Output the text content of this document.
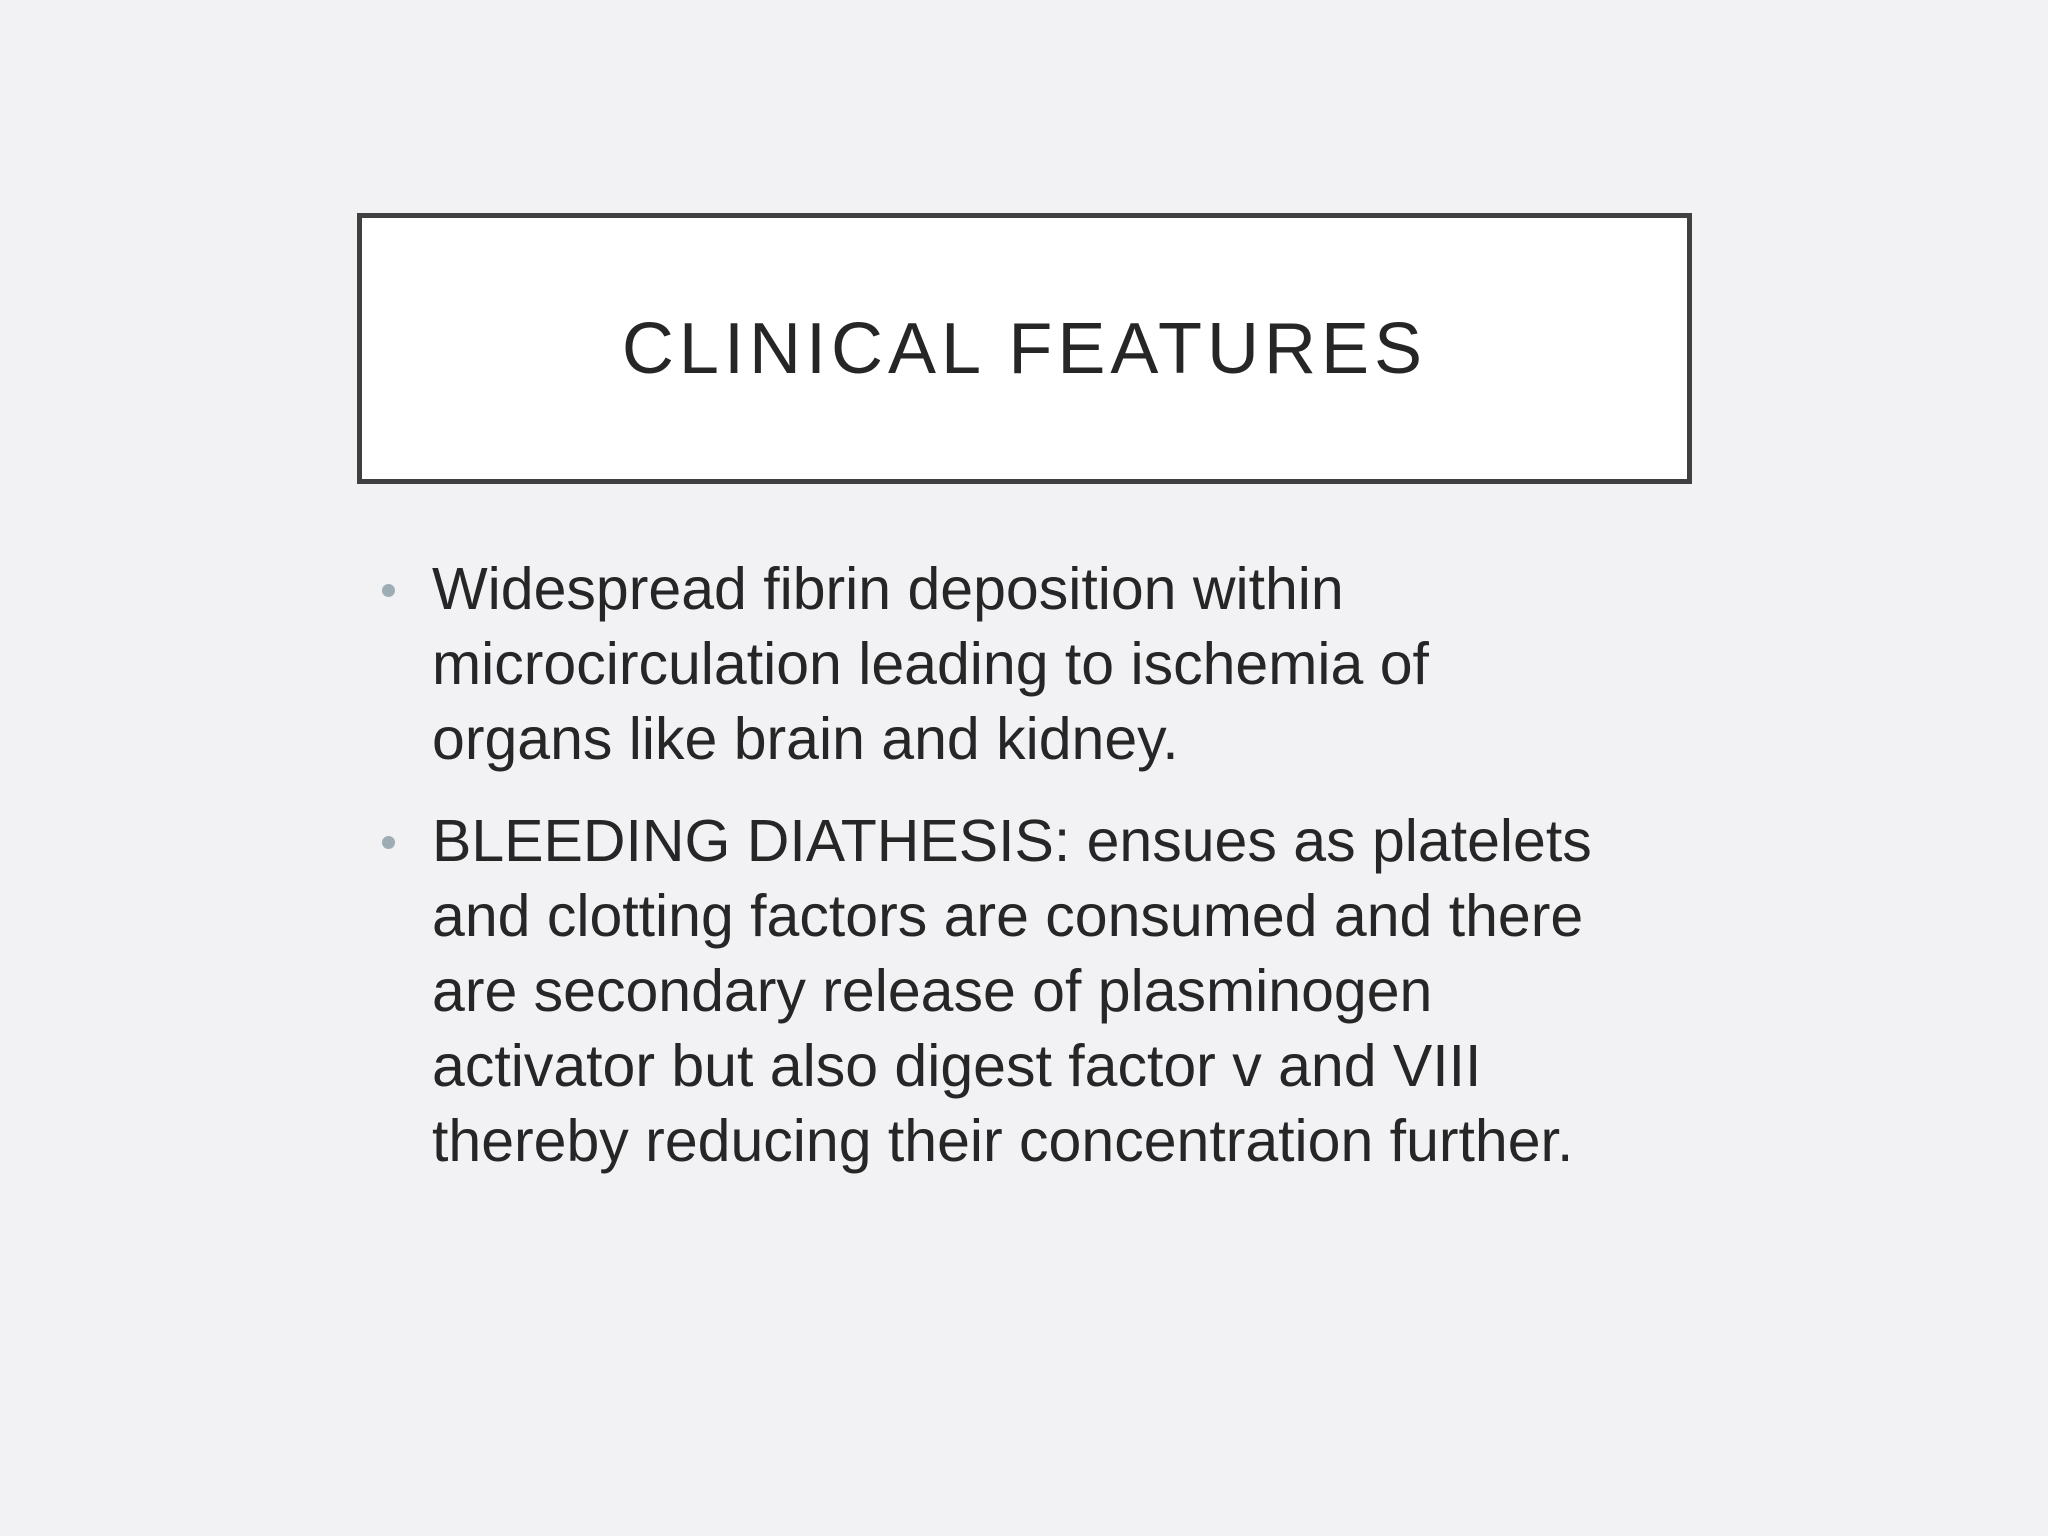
CLINICAL FEATURES
Widespread fibrin deposition within
microcirculation leading to ischemia of
organs like brain and kidney.
BLEEDING DIATHESIS: ensues as platelets
and clotting factors are consumed and there
are secondary release of plasminogen
activator but also digest factor v and VIII
thereby reducing their concentration further.
